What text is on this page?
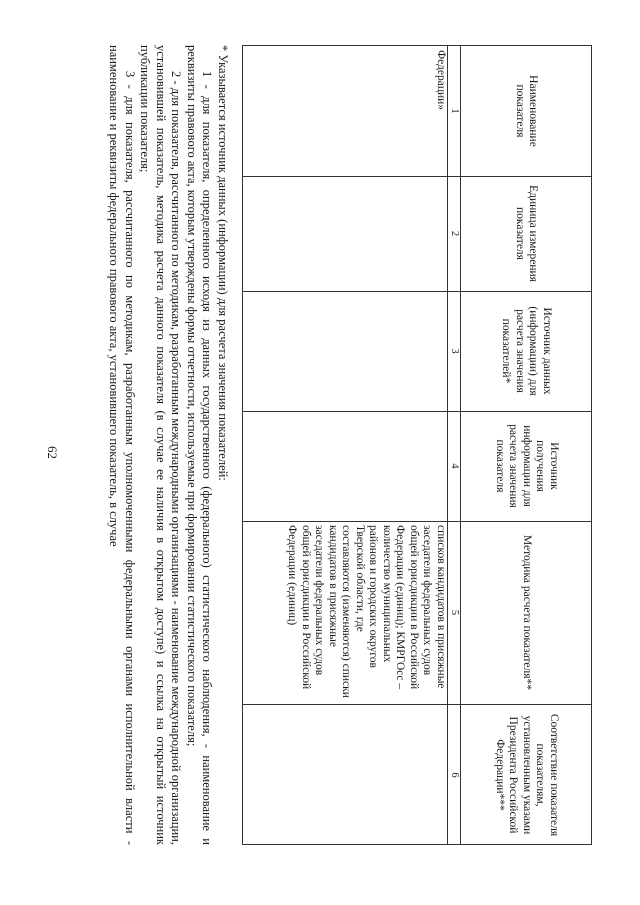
62
Наименование показателя
Единица измерения показателя
Источник данных (информации) для расчета значения показателей*
Источник получения информации для расчета значения показателя
Методика расчета показателя**
Соответствие показателя показателям, установленным указами Президента Российской Федерации***
1
2
3
4
5
6
Федерации»
списков кандидатов в присяжные заседатели федеральных судов общей юрисдикции в Российской Федерации (единиц); КМРГОсс – количество муниципальных районов и городских округов Тверской области, где составляются (изменяются) списки кандидатов в присяжные заседатели федеральных судов общей юрисдикции в Российской Федерации (единиц)

* Указывается источник данных (информации) для расчета значения показателей:

1 - для показателя, определенного исходя из данных государственного (федерального) статистического наблюдения, - наименование и реквизиты правового акта, которым утверждены формы отчетности, используемые при формировании статистического показателя;

2 - для показателя, рассчитанного по методикам, разработанным международными организациями - наименование международной организации, установившей показатель, методика расчета данного показателя (в случае ее наличия в открытом доступе) и ссылка на открытый источник публикации показателя;

3 - для показателя, рассчитанного по методикам, разработанным уполномоченными федеральными органами исполнительной власти - наименование и реквизиты федерального правового акта, установившего показатель, в случае
